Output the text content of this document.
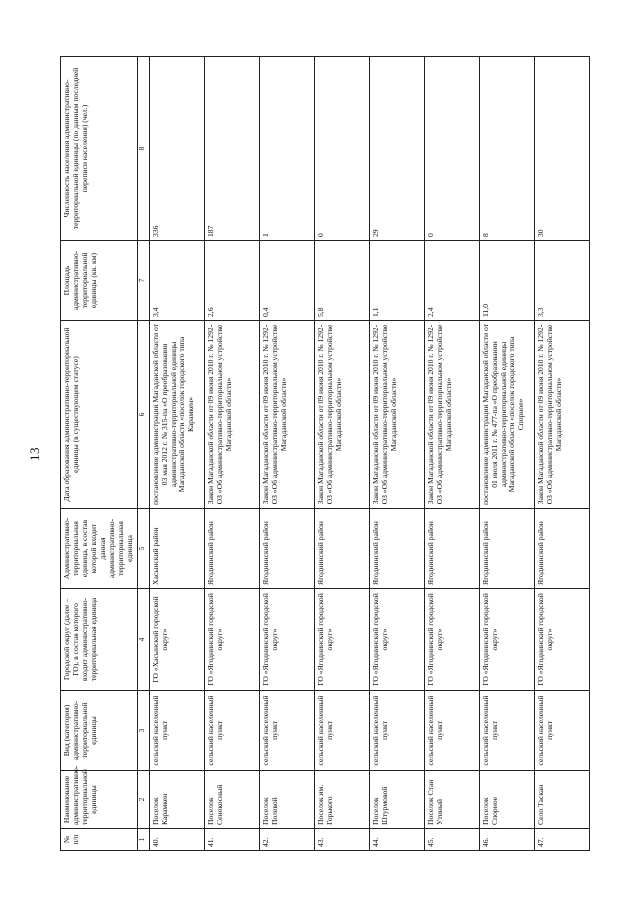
13
№ п/п	Наименование административно-территориальной единицы	Вид (категория) административно-территориальной единицы	Городской округ (далее – ГО), в состав которого входит административно-территориальная единица	Административно-территориальная единица, в состав которой входит данная административно-территориальная единица	Дата образования административно-территориальной единицы (в существующем статусе)	Площадь административно-территориальной единицы (кв. км)	Численность населения административно-территориальной единицы (по данным последней переписи населения) (чел.)
1	2	3	4	5	6	7	8
40.	Поселок Карамкен	сельский населенный пункт	ГО «Хасынский городской округ»	Хасынский район	постановление администрации Магаданской области от 03 мая 2012 г. № 315-па «О преобразовании административно-территориальной единицы Магаданской области «поселок городского типа Карамкен»	3,4	336
41.	Поселок Сенокосный	сельский населенный пункт	ГО «Ягоднинский городской округ»	Ягоднинский район	Закон Магаданской области от 09 июня 2010 г. № 1292-ОЗ «Об административно-территориальном устройстве Магаданской области»	2,6	187
42.	Поселок Полевой	сельский населенный пункт	ГО «Ягоднинский городской округ»	Ягоднинский район	Закон Магаданской области от 09 июня 2010 г. № 1292-ОЗ «Об административно-территориальном устройстве Магаданской области»	0,4	1
43.	Поселок им. Горького	сельский населенный пункт	ГО «Ягоднинский городской округ»	Ягоднинский район	Закон Магаданской области от 09 июня 2010 г. № 1292-ОЗ «Об административно-территориальном устройстве Магаданской области»	5,8	0
44.	Поселок Штурмовой	сельский населенный пункт	ГО «Ягоднинский городской округ»	Ягоднинский район	Закон Магаданской области от 09 июня 2010 г. № 1292-ОЗ «Об административно-территориальном устройстве Магаданской области»	1,1	29
45.	Поселок Стан Утиный	сельский населенный пункт	ГО «Ягоднинский городской округ»	Ягоднинский район	Закон Магаданской области от 09 июня 2010 г. № 1292-ОЗ «Об административно-территориальном устройстве Магаданской области»	2,4	0
46.	Поселок Спорное	сельский населенный пункт	ГО «Ягоднинский городской округ»	Ягоднинский район	постановление администрации Магаданской области от 01 июля 2011 г. № 477-па «О преобразовании административно-территориальной единицы Магаданской области «поселок городского типа Спорное»	11,0	8
47.	Село Таскан	сельский населенный пункт	ГО «Ягоднинский городской округ»	Ягоднинский район	Закон Магаданской области от 09 июня 2010 г. № 1292-ОЗ «Об административно-территориальном устройстве Магаданской области»	3,3	30
